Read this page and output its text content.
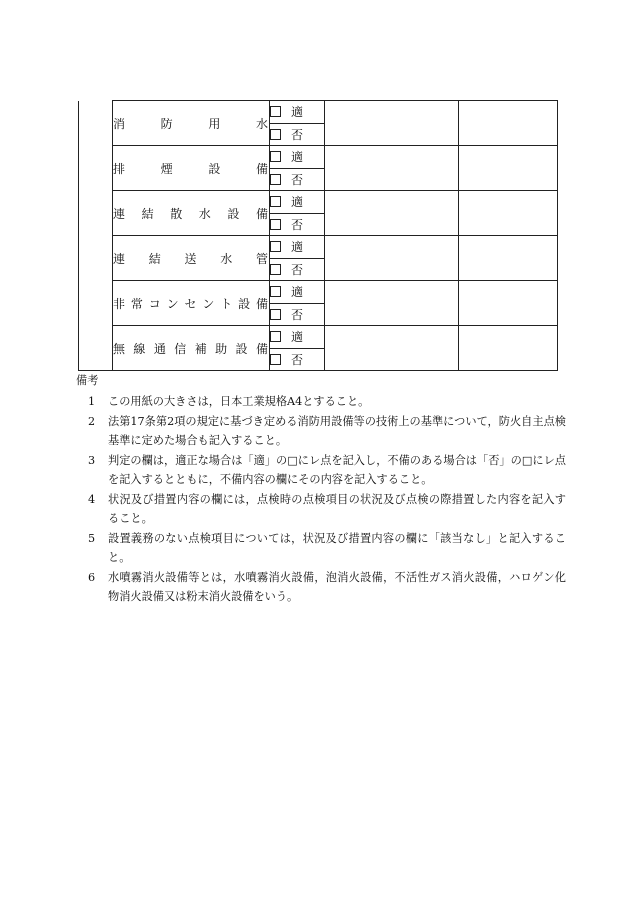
	消防用水	適		
		否		
	排煙設備	適		
		否		
	連結散水設備	適		
		否		
	連結送水管	適		
		否		
	非常コンセント設備	適		
		否		
	無線通信補助設備	適		
		否		
備考
1	この用紙の大きさは，日本工業規格A4とすること。
2	法第17条第2項の規定に基づき定める消防用設備等の技術上の基準について，防火自主点検基準に定めた場合も記入すること。
3	判定の欄は，適正な場合は「適」の□にレ点を記入し，不備のある場合は「否」の□にレ点を記入するとともに，不備内容の欄にその内容を記入すること。
4	状況及び措置内容の欄には，点検時の点検項目の状況及び点検の際措置した内容を記入すること。
5	設置義務のない点検項目については，状況及び措置内容の欄に「該当なし」と記入すること。
6	水噴霧消火設備等とは，水噴霧消火設備，泡消火設備，不活性ガス消火設備，ハロゲン化物消火設備又は粉末消火設備をいう。
